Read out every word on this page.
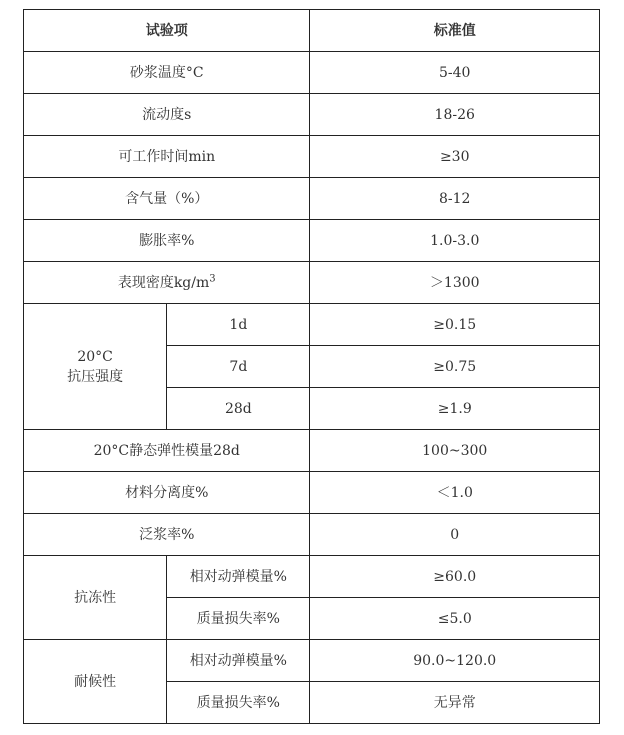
试验项		标准值
砂浆温度°C		5-40
流动度s		18-26
可工作时间min		≥30
含气量（%）		8-12
膨胀率%		1.0-3.0
表现密度$kg/m^3$		＞1300

20°C
抗压强度	1d	≥0.15
	7d	≥0.75
	28d	≥1.9
20°C静态弹性模量28d		100~300
材料分离度%		＜1.0
泛浆率%		0
抗冻性	相对动弹模量%	≥60.0
	质量损失率%	≤5.0
耐候性	相对动弹模量%	90.0~120.0
	质量损失率%	无异常
